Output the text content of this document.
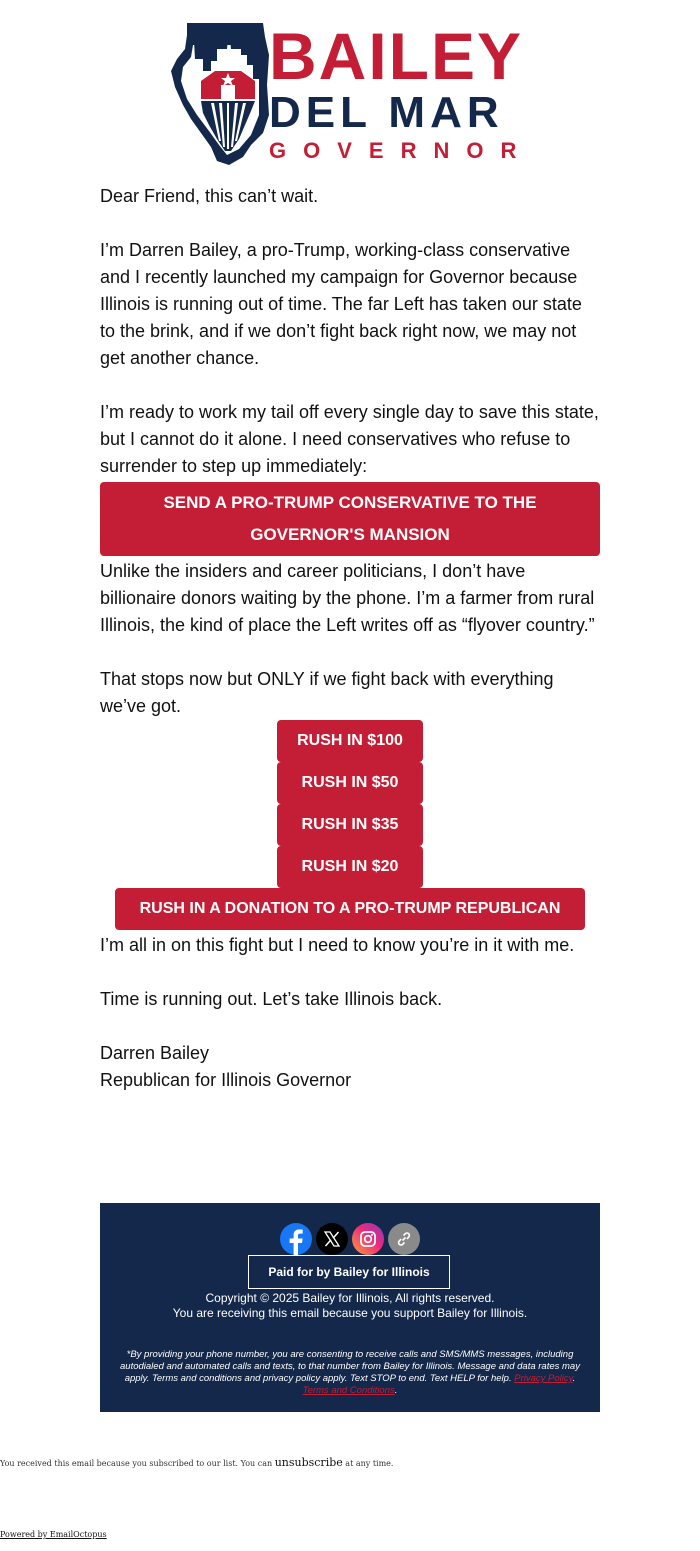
BAILEY
DEL MAR
GOVERNOR

Dear Friend, this can’t wait.

I’m Darren Bailey, a pro-Trump, working-class conservative and I recently launched my campaign for Governor because Illinois is running out of time. The far Left has taken our state to the brink, and if we don’t fight back right now, we may not get another chance.

I’m ready to work my tail off every single day to save this state, but I cannot do it alone. I need conservatives who refuse to surrender to step up immediately:

SEND A PRO-TRUMP CONSERVATIVE TO THE GOVERNOR'S MANSION

Unlike the insiders and career politicians, I don’t have billionaire donors waiting by the phone. I’m a farmer from rural Illinois, the kind of place the Left writes off as “flyover country.”

That stops now but ONLY if we fight back with everything we’ve got.

RUSH IN $100
RUSH IN $50
RUSH IN $35
RUSH IN $20
RUSH IN A DONATION TO A PRO-TRUMP REPUBLICAN

I’m all in on this fight but I need to know you’re in it with me.

Time is running out. Let’s take Illinois back.

Darren Bailey

Republican for Illinois Governor

Paid for by Bailey for Illinois
Copyright © 2025 Bailey for Illinois, All rights reserved.
You are receiving this email because you support Bailey for Illinois.
*By providing your phone number, you are consenting to receive calls and SMS/MMS messages, including autodialed and automated calls and texts, to that number from Bailey for Illinois. Message and data rates may apply. Terms and conditions and privacy policy apply. Text STOP to end. Text HELP for help. Privacy Policy. Terms and Conditions.
You received this email because you subscribed to our list. You can unsubscribe at any time.
Powered by EmailOctopus
